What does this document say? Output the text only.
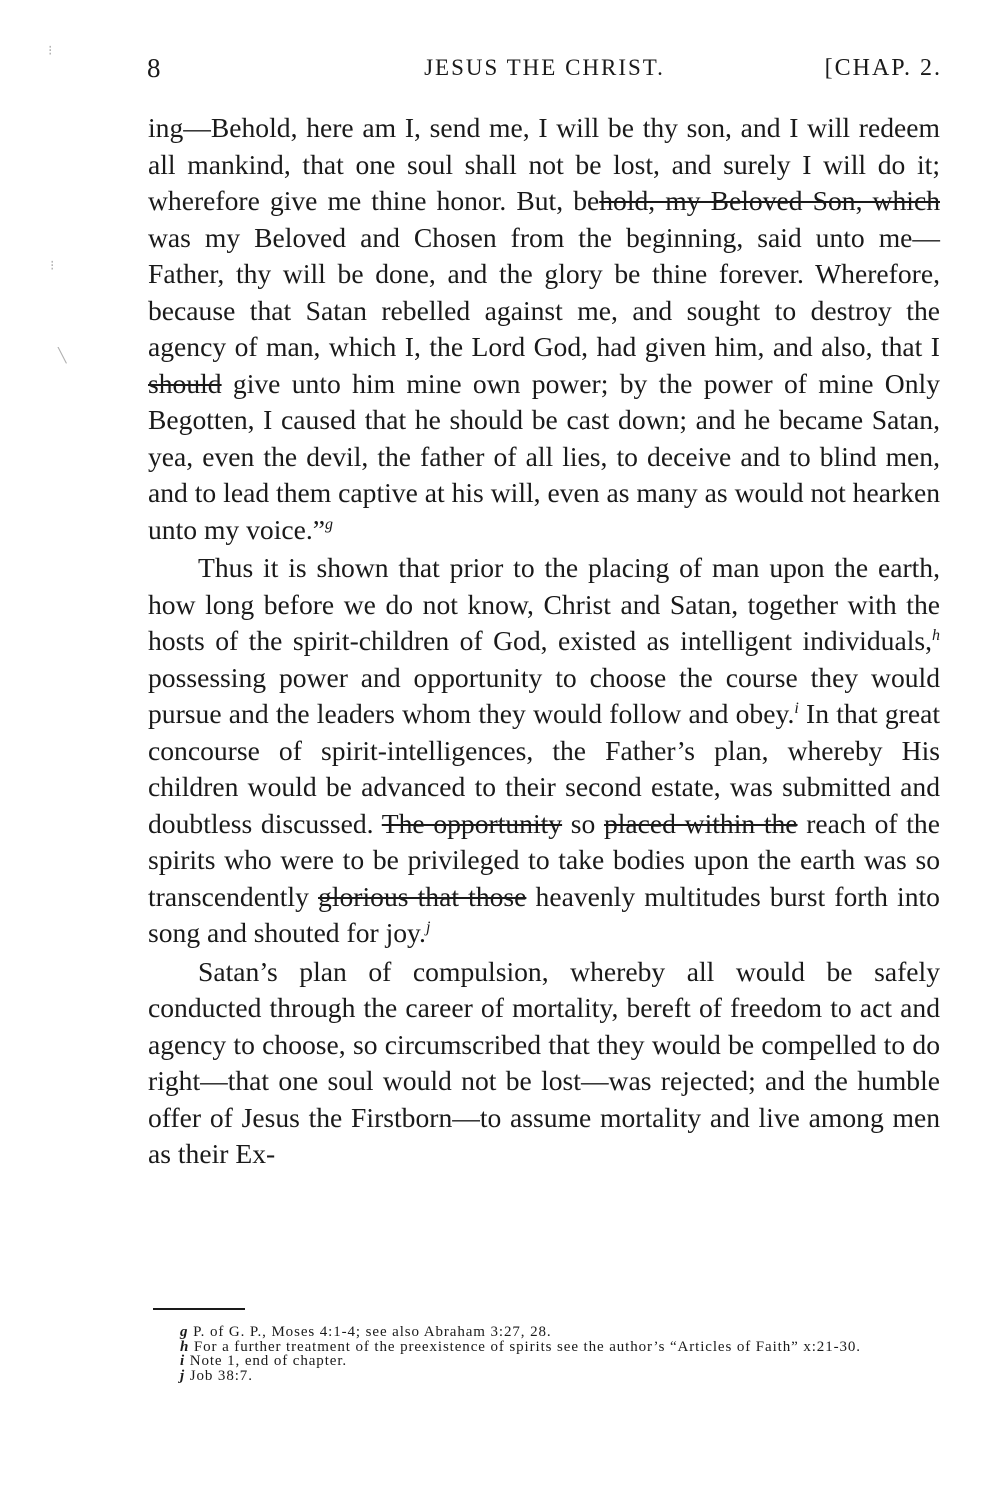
8	JESUS THE CHRIST.	[CHAP. 2.
⁝
⁝
╲

ing—Behold, here am I, send me, I will be thy son, and I will redeem all mankind, that one soul shall not be lost, and surely I will do it; wherefore give me thine honor. But, behold, my Beloved Son, which was my Beloved and Chosen from the beginning, said unto me—Father, thy will be done, and the glory be thine forever. Wherefore, because that Satan rebelled against me, and sought to destroy the agency of man, which I, the Lord God, had given him, and also, that I should give unto him mine own power; by the power of mine Only Begotten, I caused that he should be cast down; and he became Satan, yea, even the devil, the father of all lies, to deceive and to blind men, and to lead them captive at his will, even as many as would not hearken unto my voice.”$^g$

Thus it is shown that prior to the placing of man upon the earth, how long before we do not know, Christ and Satan, together with the hosts of the spirit-children of God, existed as intelligent individuals,$^h$ possessing power and opportunity to choose the course they would pursue and the leaders whom they would follow and obey.$^i$ In that great concourse of spirit-intelligences, the Father’s plan, whereby His children would be advanced to their second estate, was submitted and doubtless discussed. The opportunity so placed within the reach of the spirits who were to be privileged to take bodies upon the earth was so transcendently glorious that those heavenly multitudes burst forth into song and shouted for joy.$^j$

Satan’s plan of compulsion, whereby all would be safely conducted through the career of mortality, bereft of freedom to act and agency to choose, so circumscribed that they would be compelled to do right—that one soul would not be lost—was rejected; and the humble offer of Jesus the Firstborn—to assume mortality and live among men as their Ex-

g P. of G. P., Moses 4:1-4; see also Abraham 3:27, 28.

h For a further treatment of the preexistence of spirits see the author’s “Articles of Faith” x:21-30.

i Note 1, end of chapter.

j Job 38:7.
